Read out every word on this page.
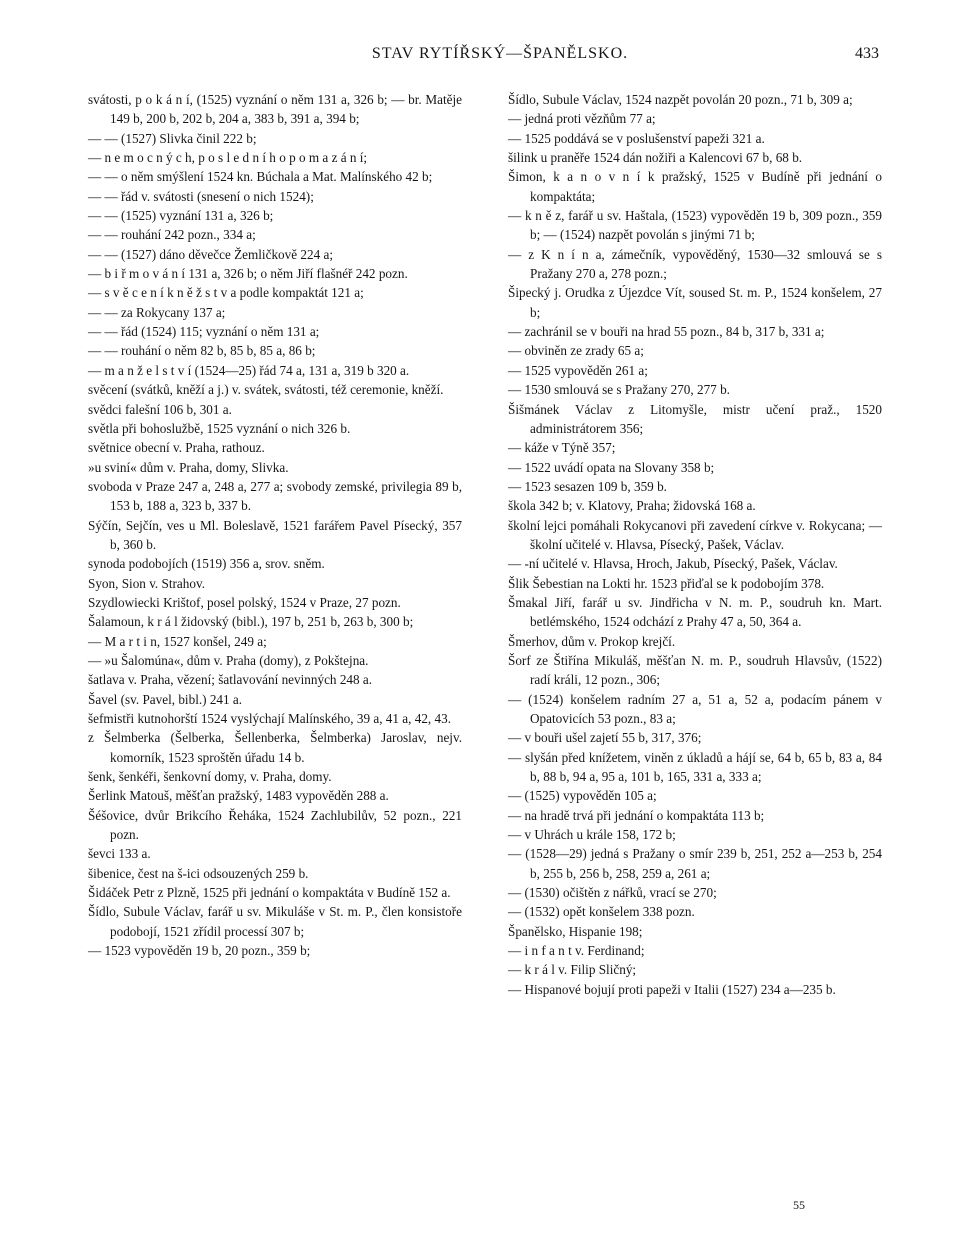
STAV RYTÍŘSKÝ—ŠPANĚLSKO.	433

svátosti, p o k á n í, (1525) vyznání o něm 131 a, 326 b; — br. Matěje 149 b, 200 b, 202 b, 204 a, 383 b, 391 a, 394 b;

— — (1527) Slivka činil 222 b;

— n e m o c n ý c h, p o s l e d n í h o p o m a z á n í;

— — o něm smýšlení 1524 kn. Búchala a Mat. Malínského 42 b;

— — řád v. svátosti (snesení o nich 1524);

— — (1525) vyznání 131 a, 326 b;

— — rouhání 242 pozn., 334 a;

— — (1527) dáno děvečce Žemličkově 224 a;

— b i ř m o v á n í 131 a, 326 b; o něm Jiří flašnéř 242 pozn.

— s v ě c e n í k n ě ž s t v a podle kompaktát 121 a;

— — za Rokycany 137 a;

— — řád (1524) 115; vyznání o něm 131 a;

— — rouhání o něm 82 b, 85 b, 85 a, 86 b;

— m a n ž e l s t v í (1524—25) řád 74 a, 131 a, 319 b 320 a.

svěcení (svátků, kněží a j.) v. svátek, svátosti, též ceremonie, kněží.

svědci falešní 106 b, 301 a.

světla při bohoslužbě, 1525 vyznání o nich 326 b.

světnice obecní v. Praha, rathouz.

»u sviní« dům v. Praha, domy, Slivka.

svoboda v Praze 247 a, 248 a, 277 a; svobody zemské, privilegia 89 b, 153 b, 188 a, 323 b, 337 b.

Sýčín, Sejčín, ves u Ml. Boleslavě, 1521 farářem Pavel Písecký, 357 b, 360 b.

synoda podobojích (1519) 356 a, srov. sněm.

Syon, Sion v. Strahov.

Szydlowiecki Krištof, posel polský, 1524 v Praze, 27 pozn.

Šalamoun, k r á l židovský (bibl.), 197 b, 251 b, 263 b, 300 b;

— M a r t i n, 1527 konšel, 249 a;

— »u Šalomúna«, dům v. Praha (domy), z Pokštejna.

šatlava v. Praha, vězení; šatlavování nevinných 248 a.

Šavel (sv. Pavel, bibl.) 241 a.

šefmistři kutnohorští 1524 vyslýchají Malínského, 39 a, 41 a, 42, 43.

z Šelmberka (Šelberka, Šellenberka, Šelmberka) Jaroslav, nejv. komorník, 1523 sproštěn úřadu 14 b.

šenk, šenkéři, šenkovní domy, v. Praha, domy.

Šerlink Matouš, měšťan pražský, 1483 vypověděn 288 a.

Šéšovice, dvůr Brikcího Řeháka, 1524 Zachlubilův, 52 pozn., 221 pozn.

ševci 133 a.

šibenice, čest na š-ici odsouzených 259 b.

Šidáček Petr z Plzně, 1525 při jednání o kompaktáta v Budíně 152 a.

Šídlo, Subule Václav, farář u sv. Mikuláše v St. m. P., člen konsistoře podobojí, 1521 zřídil processí 307 b;

— 1523 vypověděn 19 b, 20 pozn., 359 b;

Šídlo, Subule Václav, 1524 nazpět povolán 20 pozn., 71 b, 309 a;

— jedná proti vězňům 77 a;

— 1525 poddává se v poslušenství papeži 321 a.

šilink u praněře 1524 dán nožiři a Kalencovi 67 b, 68 b.

Šimon, k a n o v n í k pražský, 1525 v Budíně při jednání o kompaktáta;

— k n ě z, farář u sv. Haštala, (1523) vypověděn 19 b, 309 pozn., 359 b; — (1524) nazpět povolán s jinými 71 b;

— z K n í n a, zámečník, vypověděný, 1530—32 smlouvá se s Pražany 270 a, 278 pozn.;

Šipecký j. Orudka z Újezdce Vít, soused St. m. P., 1524 konšelem, 27 b;

— zachránil se v bouři na hrad 55 pozn., 84 b, 317 b, 331 a;

— obviněn ze zrady 65 a;

— 1525 vypověděn 261 a;

— 1530 smlouvá se s Pražany 270, 277 b.

Šišmánek Václav z Litomyšle, mistr učení praž., 1520 administrátorem 356;

— káže v Týně 357;

— 1522 uvádí opata na Slovany 358 b;

— 1523 sesazen 109 b, 359 b.

škola 342 b; v. Klatovy, Praha; židovská 168 a.

školní lejci pomáhali Rokycanovi při zavedení církve v. Rokycana; — školní učitelé v. Hlavsa, Písecký, Pašek, Václav.

— -ní učitelé v. Hlavsa, Hroch, Jakub, Písecký, Pašek, Václav.

Šlik Šebestian na Lokti hr. 1523 přiďal se k podobojím 378.

Šmakal Jiří, farář u sv. Jindřicha v N. m. P., soudruh kn. Mart. betlémského, 1524 odchází z Prahy 47 a, 50, 364 a.

Šmerhov, dům v. Prokop krejčí.

Šorf ze Štiřína Mikuláš, měšťan N. m. P., soudruh Hlavsův, (1522) radí králi, 12 pozn., 306;

— (1524) konšelem radním 27 a, 51 a, 52 a, podacím pánem v Opatovicích 53 pozn., 83 a;

— v bouři ušel zajetí 55 b, 317, 376;

— slyšán před knížetem, viněn z úkladů a hájí se, 64 b, 65 b, 83 a, 84 b, 88 b, 94 a, 95 a, 101 b, 165, 331 a, 333 a;

— (1525) vypověděn 105 a;

— na hradě trvá při jednání o kompaktáta 113 b;

— v Uhrách u krále 158, 172 b;

— (1528—29) jedná s Pražany o smír 239 b, 251, 252 a—253 b, 254 b, 255 b, 256 b, 258, 259 a, 261 a;

— (1530) očištěn z nářků, vrací se 270;

— (1532) opět konšelem 338 pozn.

Španělsko, Hispanie 198;

— i n f a n t v. Ferdinand;

— k r á l v. Filip Sličný;

— Hispanové bojují proti papeži v Italii (1527) 234 a—235 b.

55
